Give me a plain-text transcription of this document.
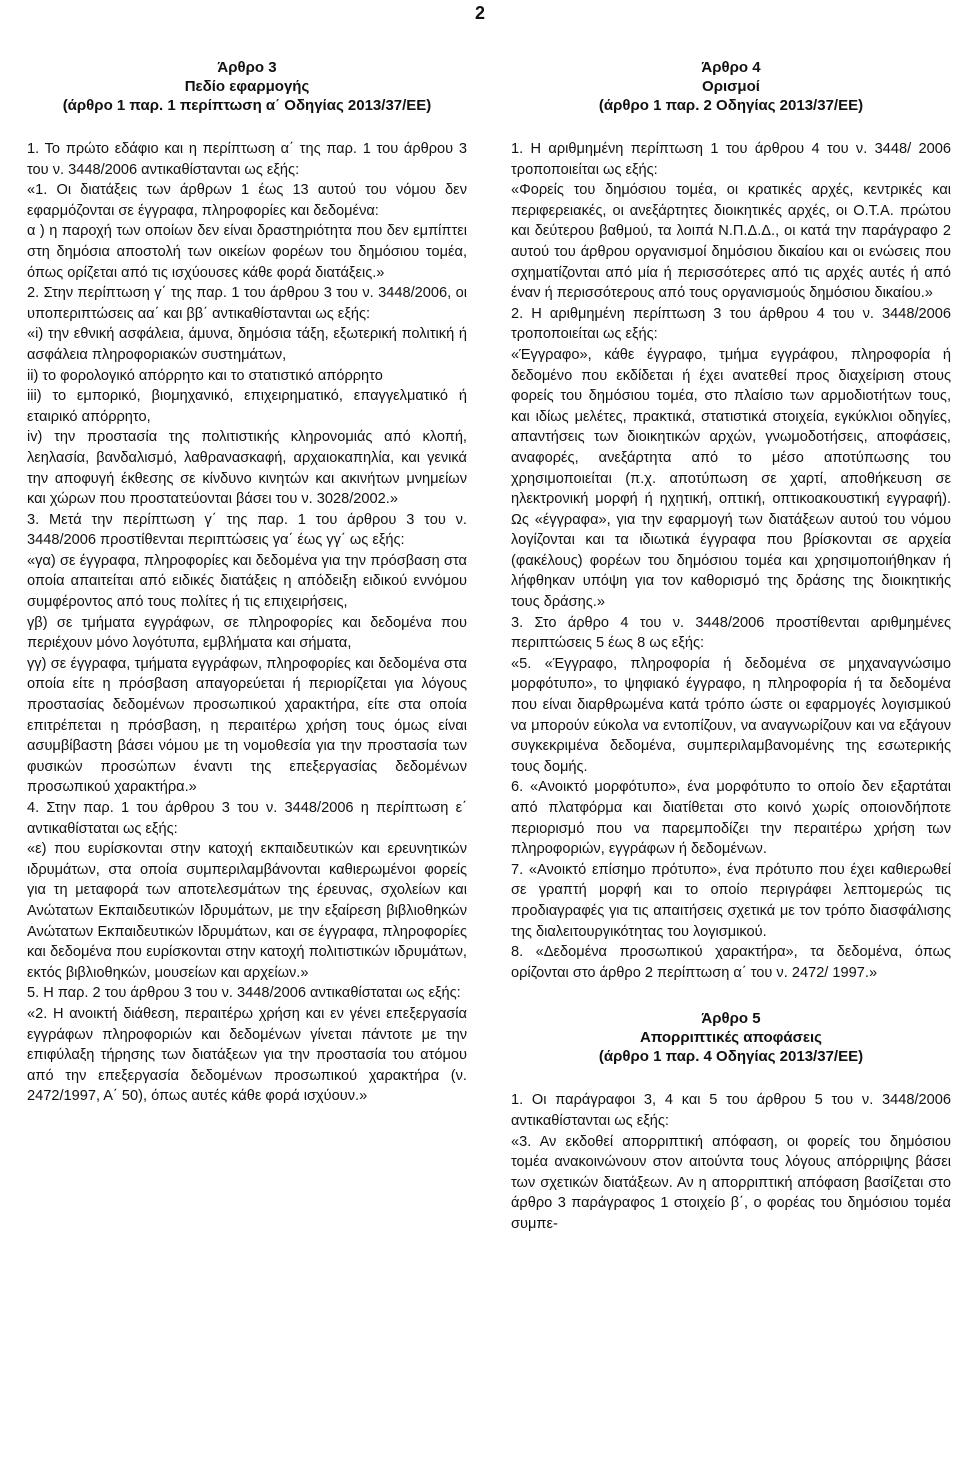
2
Άρθρο 3
Πεδίο εφαρμογής
(άρθρο 1 παρ. 1 περίπτωση α΄ Οδηγίας 2013/37/ΕΕ)

1. Το πρώτο εδάφιο και η περίπτωση α΄ της παρ. 1 του άρθρου 3 του ν. 3448/2006 αντικαθίστανται ως εξής:

«1. Οι διατάξεις των άρθρων 1 έως 13 αυτού του νόμου δεν εφαρμόζονται σε έγγραφα, πληροφορίες και δεδομένα:

α ) η παροχή των οποίων δεν είναι δραστηριότητα που δεν εμπίπτει στη δημόσια αποστολή των οικείων φορέων του δημόσιου τομέα, όπως ορίζεται από τις ισχύουσες κάθε φορά διατάξεις.»

2. Στην περίπτωση γ΄ της παρ. 1 του άρθρου 3 του ν. 3448/2006, οι υποπεριπτώσεις αα΄ και ββ΄ αντικαθίστανται ως εξής:

«i) την εθνική ασφάλεια, άμυνα, δημόσια τάξη, εξωτερική πολιτική ή ασφάλεια πληροφοριακών συστημάτων,

ii) το φορολογικό απόρρητο και το στατιστικό απόρρητο

iii) το εμπορικό, βιομηχανικό, επιχειρηματικό, επαγγελματικό ή εταιρικό απόρρητο,

iv) την προστασία της πολιτιστικής κληρονομιάς από κλοπή, λεηλασία, βανδαλισμό, λαθρανασκαφή, αρχαιοκαπηλία, και γενικά την αποφυγή έκθεσης σε κίνδυνο κινητών και ακινήτων μνημείων και χώρων που προστατεύονται βάσει του ν. 3028/2002.»

3. Μετά την περίπτωση γ΄ της παρ. 1 του άρθρου 3 του ν. 3448/2006 προστίθενται περιπτώσεις γα΄ έως γγ΄ ως εξής:

«γα) σε έγγραφα, πληροφορίες και δεδομένα για την πρόσβαση στα οποία απαιτείται από ειδικές διατάξεις η απόδειξη ειδικού εννόμου συμφέροντος από τους πολίτες ή τις επιχειρήσεις,

γβ) σε τμήματα εγγράφων, σε πληροφορίες και δεδομένα που περιέχουν μόνο λογότυπα, εμβλήματα και σήματα,

γγ) σε έγγραφα, τμήματα εγγράφων, πληροφορίες και δεδομένα στα οποία είτε η πρόσβαση απαγορεύεται ή περιορίζεται για λόγους προστασίας δεδομένων προσωπικού χαρακτήρα, είτε στα οποία επιτρέπεται η πρόσβαση, η περαιτέρω χρήση τους όμως είναι ασυμβίβαστη βάσει νόμου με τη νομοθεσία για την προστασία των φυσικών προσώπων έναντι της επεξεργασίας δεδομένων προσωπικού χαρακτήρα.»

4. Στην παρ. 1 του άρθρου 3 του ν. 3448/2006 η περίπτωση ε΄ αντικαθίσταται ως εξής:

«ε) που ευρίσκονται στην κατοχή εκπαιδευτικών και ερευνητικών ιδρυμάτων, στα οποία συμπεριλαμβάνονται καθιερωμένοι φορείς για τη μεταφορά των αποτελεσμάτων της έρευνας, σχολείων και Ανώτατων Εκπαιδευτικών Ιδρυμάτων, με την εξαίρεση βιβλιοθηκών Ανώτατων Εκπαιδευτικών Ιδρυμάτων, και σε έγγραφα, πληροφορίες και δεδομένα που ευρίσκονται στην κατοχή πολιτιστικών ιδρυμάτων, εκτός βιβλιοθηκών, μουσείων και αρχείων.»

5. Η παρ. 2 του άρθρου 3 του ν. 3448/2006 αντικαθίσταται ως εξής:

«2. Η ανοικτή διάθεση, περαιτέρω χρήση και εν γένει επεξεργασία εγγράφων πληροφοριών και δεδομένων γίνεται πάντοτε με την επιφύλαξη τήρησης των διατάξεων για την προστασία του ατόμου από την επεξεργασία δεδομένων προσωπικού χαρακτήρα (ν. 2472/1997, Α΄ 50), όπως αυτές κάθε φορά ισχύουν.»

Άρθρο 4
Ορισμοί
(άρθρο 1 παρ. 2 Οδηγίας 2013/37/ΕΕ)

1. Η αριθμημένη περίπτωση 1 του άρθρου 4 του ν. 3448/ 2006 τροποποιείται ως εξής:

«Φορείς του δημόσιου τομέα, οι κρατικές αρχές, κεντρικές και περιφερειακές, οι ανεξάρτητες διοικητικές αρχές, οι Ο.Τ.Α. πρώτου και δεύτερου βαθμού, τα λοιπά Ν.Π.Δ.Δ., οι κατά την παράγραφο 2 αυτού του άρθρου οργανισμοί δημόσιου δικαίου και οι ενώσεις που σχηματίζονται από μία ή περισσότερες από τις αρχές αυτές ή από έναν ή περισσότερους από τους οργανισμούς δημόσιου δικαίου.»

2. Η αριθμημένη περίπτωση 3 του άρθρου 4 του ν. 3448/2006 τροποποιείται ως εξής:

«Έγγραφο», κάθε έγγραφο, τμήμα εγγράφου, πληροφορία ή δεδομένο που εκδίδεται ή έχει ανατεθεί προς διαχείριση στους φορείς του δημόσιου τομέα, στο πλαίσιο των αρμοδιοτήτων τους, και ιδίως μελέτες, πρακτικά, στατιστικά στοιχεία, εγκύκλιοι οδηγίες, απαντήσεις των διοικητικών αρχών, γνωμοδοτήσεις, αποφάσεις, αναφορές, ανεξάρτητα από το μέσο αποτύπωσης του χρησιμοποιείται (π.χ. αποτύπωση σε χαρτί, αποθήκευση σε ηλεκτρονική μορφή ή ηχητική, οπτική, οπτικοακουστική εγγραφή). Ως «έγγραφα», για την εφαρμογή των διατάξεων αυτού του νόμου λογίζονται και τα ιδιωτικά έγγραφα που βρίσκονται σε αρχεία (φακέλους) φορέων του δημόσιου τομέα και χρησιμοποιήθηκαν ή λήφθηκαν υπόψη για τον καθορισμό της δράσης της διοικητικής τους δράσης.»

3. Στο άρθρο 4 του ν. 3448/2006 προστίθενται αριθμημένες περιπτώσεις 5 έως 8 ως εξής:

«5. «Έγγραφο, πληροφορία ή δεδομένα σε μηχαναγνώσιμο μορφότυπο», το ψηφιακό έγγραφο, η πληροφορία ή τα δεδομένα που είναι διαρθρωμένα κατά τρόπο ώστε οι εφαρμογές λογισμικού να μπορούν εύκολα να εντοπίζουν, να αναγνωρίζουν και να εξάγουν συγκεκριμένα δεδομένα, συμπεριλαμβανομένης της εσωτερικής τους δομής.

6. «Ανοικτό μορφότυπο», ένα μορφότυπο το οποίο δεν εξαρτάται από πλατφόρμα και διατίθεται στο κοινό χωρίς οποιονδήποτε περιορισμό που να παρεμποδίζει την περαιτέρω χρήση των πληροφοριών, εγγράφων ή δεδομένων.

7. «Ανοικτό επίσημο πρότυπο», ένα πρότυπο που έχει καθιερωθεί σε γραπτή μορφή και το οποίο περιγράφει λεπτομερώς τις προδιαγραφές για τις απαιτήσεις σχετικά με τον τρόπο διασφάλισης της διαλειτουργικότητας του λογισμικού.

8. «Δεδομένα προσωπικού χαρακτήρα», τα δεδομένα, όπως ορίζονται στο άρθρο 2 περίπτωση α΄ του ν. 2472/ 1997.»

Άρθρο 5
Απορριπτικές αποφάσεις
(άρθρο 1 παρ. 4 Οδηγίας 2013/37/ΕΕ)

1. Οι παράγραφοι 3, 4 και 5 του άρθρου 5 του ν. 3448/2006 αντικαθίστανται ως εξής:

«3. Αν εκδοθεί απορριπτική απόφαση, οι φορείς του δημόσιου τομέα ανακοινώνουν στον αιτούντα τους λόγους απόρριψης βάσει των σχετικών διατάξεων. Αν η απορριπτική απόφαση βασίζεται στο άρθρο 3 παράγραφος 1 στοιχείο β΄, ο φορέας του δημόσιου τομέα συμπε-
